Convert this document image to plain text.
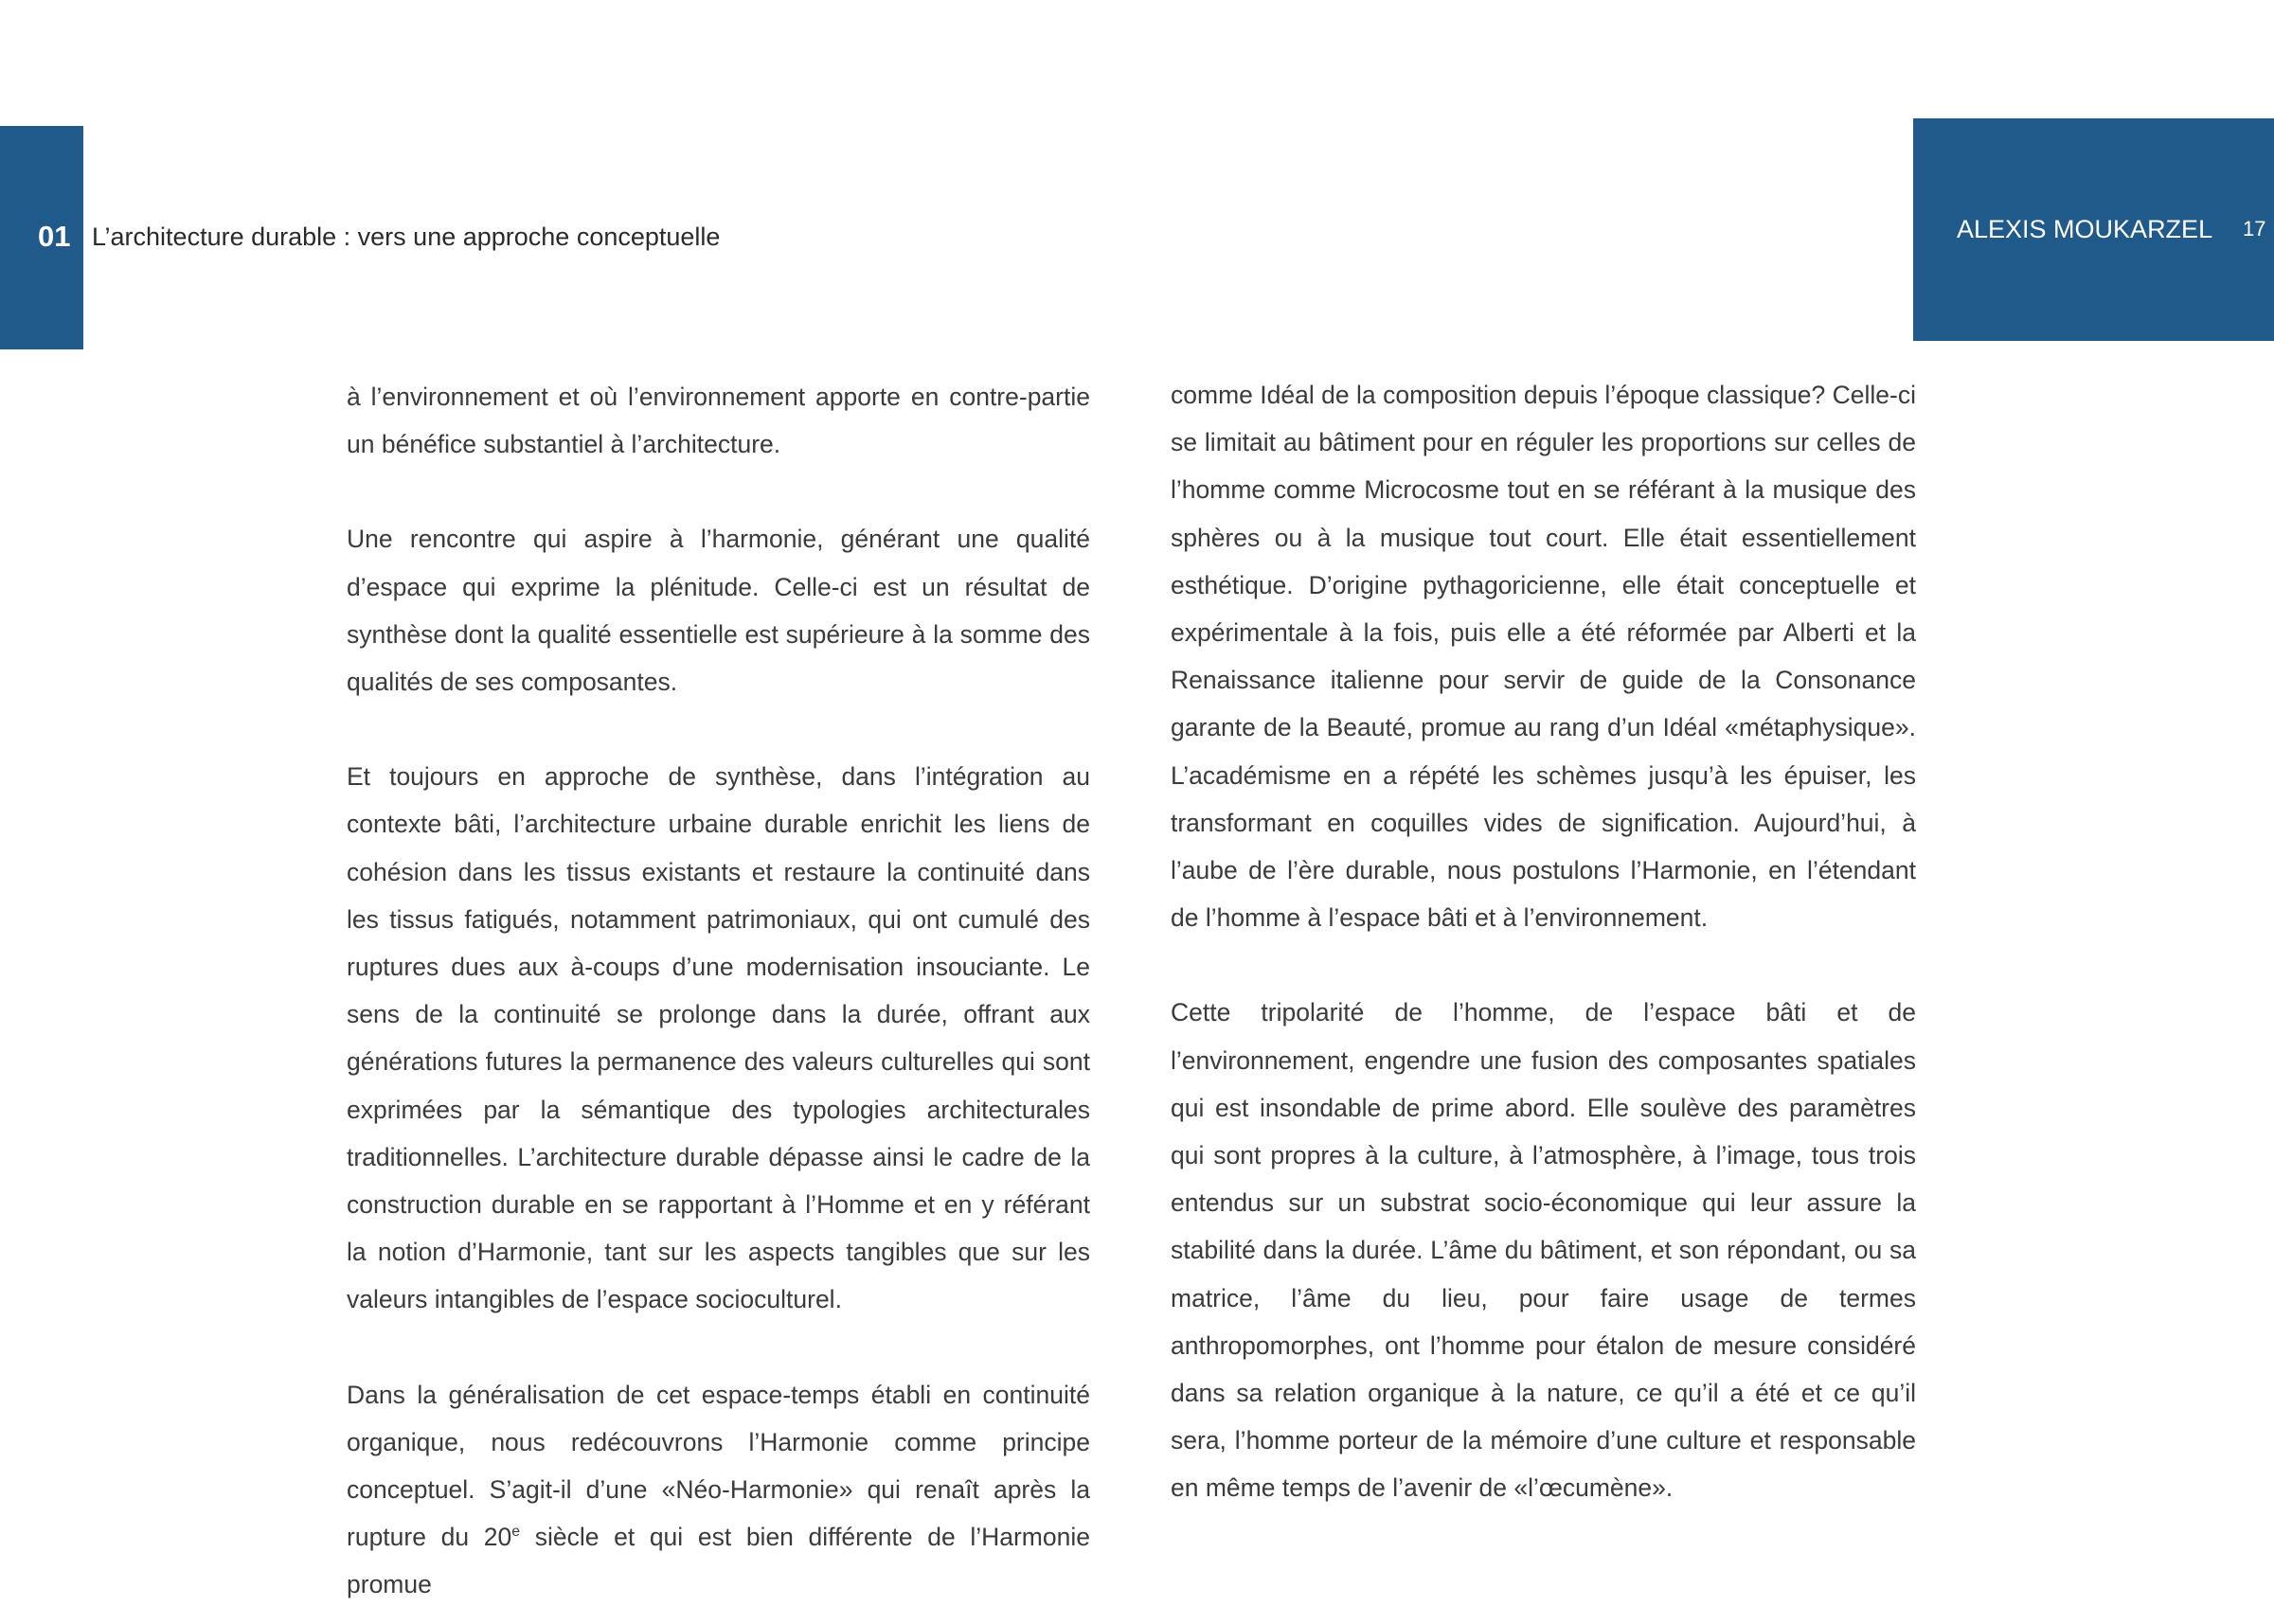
01 L’architecture durable : vers une approche conceptuelle	ALEXIS MOUKARZEL 17

à l’environnement et où l’environnement apporte en contre-partie un bénéfice substantiel à l’architecture.

Une rencontre qui aspire à l’harmonie, générant une qualité d’espace qui exprime la plénitude. Celle-ci est un résultat de synthèse dont la qualité essentielle est supérieure à la somme des qualités de ses composantes.

Et toujours en approche de synthèse, dans l’intégration au contexte bâti, l’architecture urbaine durable enrichit les liens de cohésion dans les tissus existants et restaure la continuité dans les tissus fatigués, notamment patrimoniaux, qui ont cumulé des ruptures dues aux à-coups d’une modernisation insouciante. Le sens de la continuité se prolonge dans la durée, offrant aux générations futures la permanence des valeurs culturelles qui sont exprimées par la sémantique des typologies architecturales traditionnelles. L’architecture durable dépasse ainsi le cadre de la construction durable en se rapportant à l’Homme et en y référant la notion d’Harmonie, tant sur les aspects tangibles que sur les valeurs intangibles de l’espace socioculturel.

Dans la généralisation de cet espace-temps établi en continuité organique, nous redécouvrons l’Harmonie comme principe conceptuel. S’agit-il d’une «Néo-Harmonie» qui renaît après la rupture du 20e siècle et qui est bien différente de l’Harmonie promue

comme Idéal de la composition depuis l’époque classique? Celle-ci se limitait au bâtiment pour en réguler les proportions sur celles de l’homme comme Microcosme tout en se référant à la musique des sphères ou à la musique tout court. Elle était essentiellement esthétique. D’origine pythagoricienne, elle était conceptuelle et expérimentale à la fois, puis elle a été réformée par Alberti et la Renaissance italienne pour servir de guide de la Consonance garante de la Beauté, promue au rang d’un Idéal «métaphysique». L’académisme en a répété les schèmes jusqu’à les épuiser, les transformant en coquilles vides de signification. Aujourd’hui, à l’aube de l’ère durable, nous postulons l’Harmonie, en l’étendant de l’homme à l’espace bâti et à l’environnement.

Cette tripolarité de l’homme, de l’espace bâti et de l’environnement, engendre une fusion des composantes spatiales qui est insondable de prime abord. Elle soulève des paramètres qui sont propres à la culture, à l’atmosphère, à l’image, tous trois entendus sur un substrat socio-économique qui leur assure la stabilité dans la durée. L’âme du bâtiment, et son répondant, ou sa matrice, l’âme du lieu, pour faire usage de termes anthropomorphes, ont l’homme pour étalon de mesure considéré dans sa relation organique à la nature, ce qu’il a été et ce qu’il sera, l’homme porteur de la mémoire d’une culture et responsable en même temps de l’avenir de «l’œcumène».
